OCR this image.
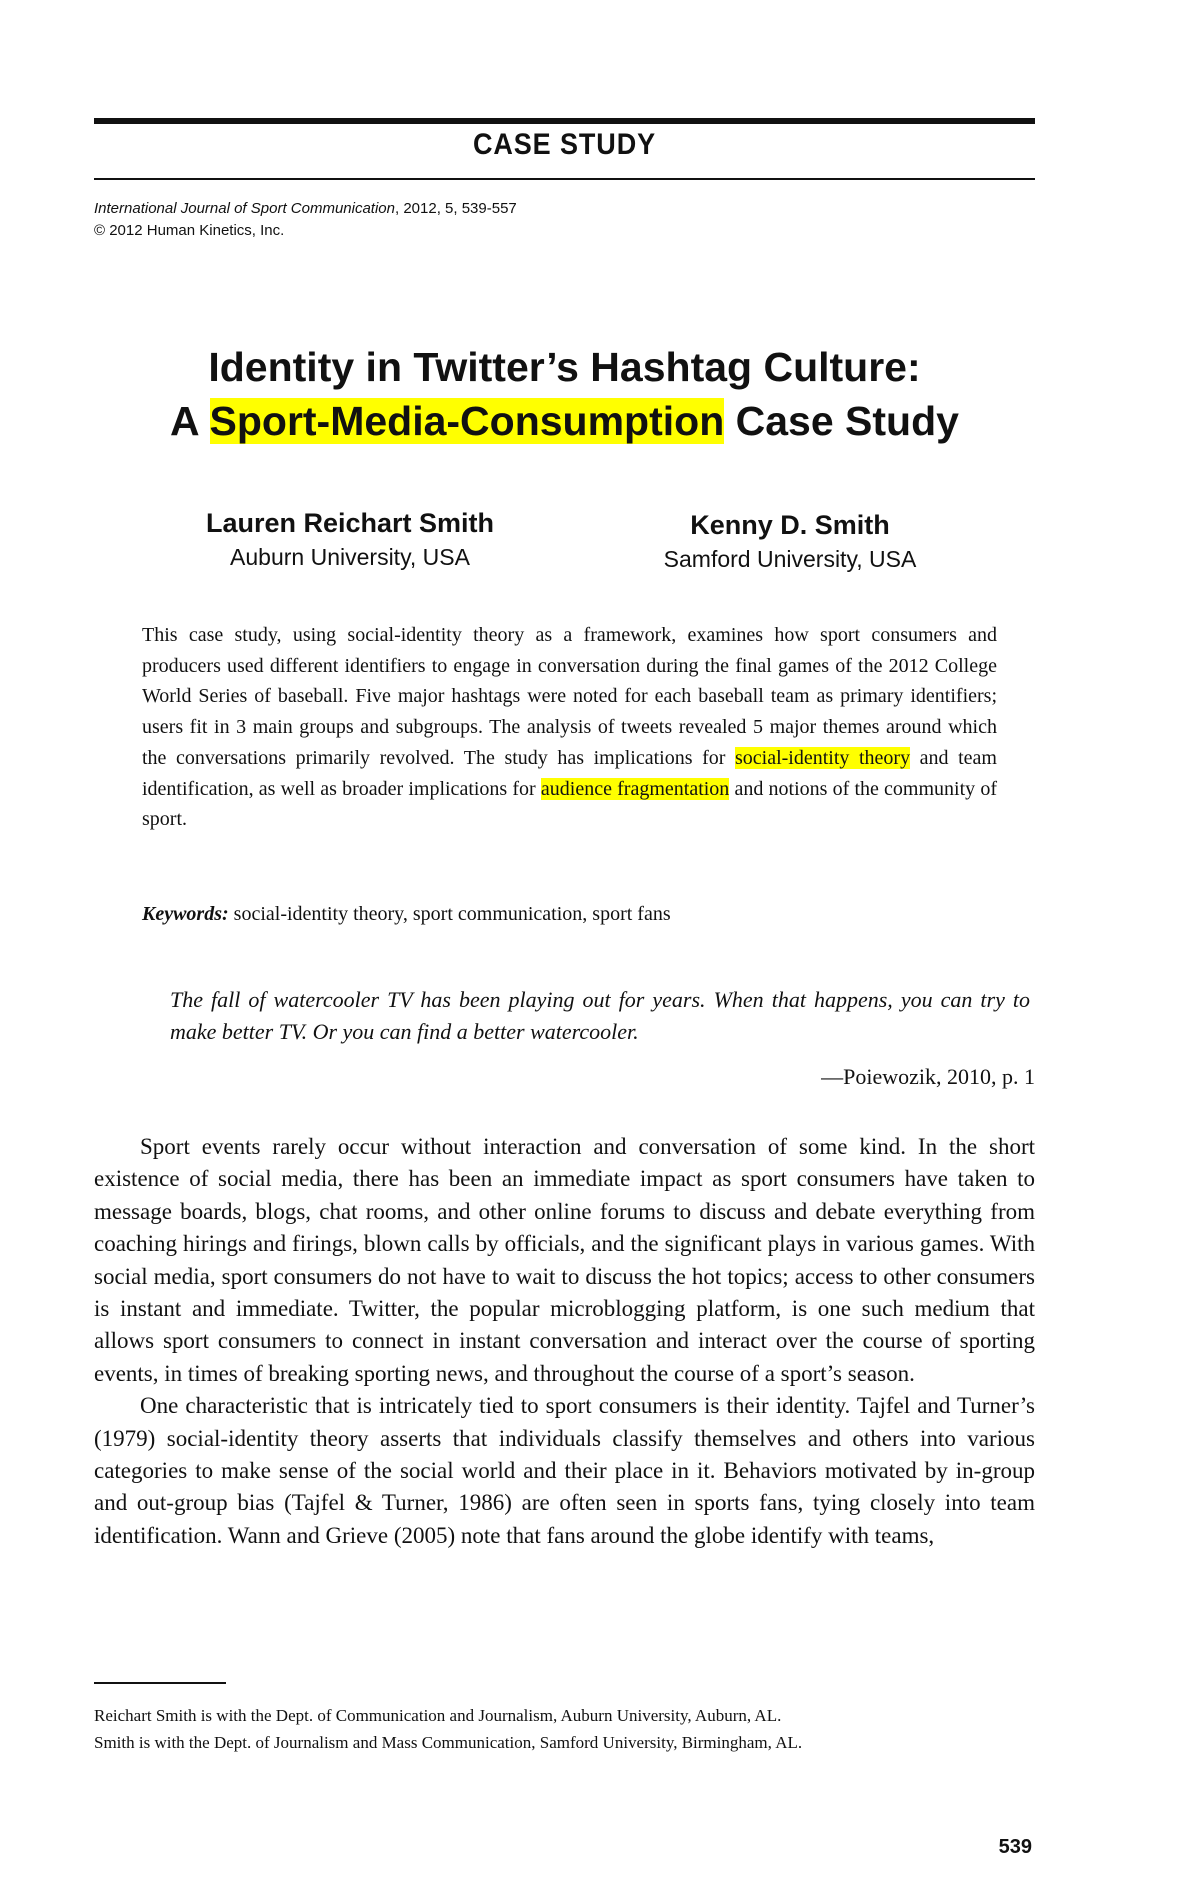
CASE STUDY
International Journal of Sport Communication, 2012, 5, 539-557
© 2012 Human Kinetics, Inc.
Identity in Twitter’s Hashtag Culture:
A Sport-Media-Consumption Case Study
Lauren Reichart Smith
Auburn University, USA
Kenny D. Smith
Samford University, USA
This case study, using social-identity theory as a framework, examines how sport consumers and producers used different identifiers to engage in conversation during the final games of the 2012 College World Series of baseball. Five major hashtags were noted for each baseball team as primary identifiers; users fit in 3 main groups and subgroups. The analysis of tweets revealed 5 major themes around which the conversations primarily revolved. The study has implications for social-identity theory and team identification, as well as broader implications for audience fragmentation and notions of the community of sport.
Keywords: social-identity theory, sport communication, sport fans
The fall of watercooler TV has been playing out for years. When that happens, you can try to make better TV. Or you can find a better watercooler.
—Poiewozik, 2010, p. 1

Sport events rarely occur without interaction and conversation of some kind. In the short existence of social media, there has been an immediate impact as sport consumers have taken to message boards, blogs, chat rooms, and other online forums to discuss and debate everything from coaching hirings and firings, blown calls by officials, and the significant plays in various games. With social media, sport consumers do not have to wait to discuss the hot topics; access to other consumers is instant and immediate. Twitter, the popular microblogging platform, is one such medium that allows sport consumers to connect in instant conversation and interact over the course of sporting events, in times of breaking sporting news, and throughout the course of a sport’s season.

One characteristic that is intricately tied to sport consumers is their identity. Tajfel and Turner’s (1979) social-identity theory asserts that individuals classify themselves and others into various categories to make sense of the social world and their place in it. Behaviors motivated by in-group and out-group bias (Tajfel & Turner, 1986) are often seen in sports fans, tying closely into team identification. Wann and Grieve (2005) note that fans around the globe identify with teams,

Reichart Smith is with the Dept. of Communication and Journalism, Auburn University, Auburn, AL.

Smith is with the Dept. of Journalism and Mass Communication, Samford University, Birmingham, AL.

539
